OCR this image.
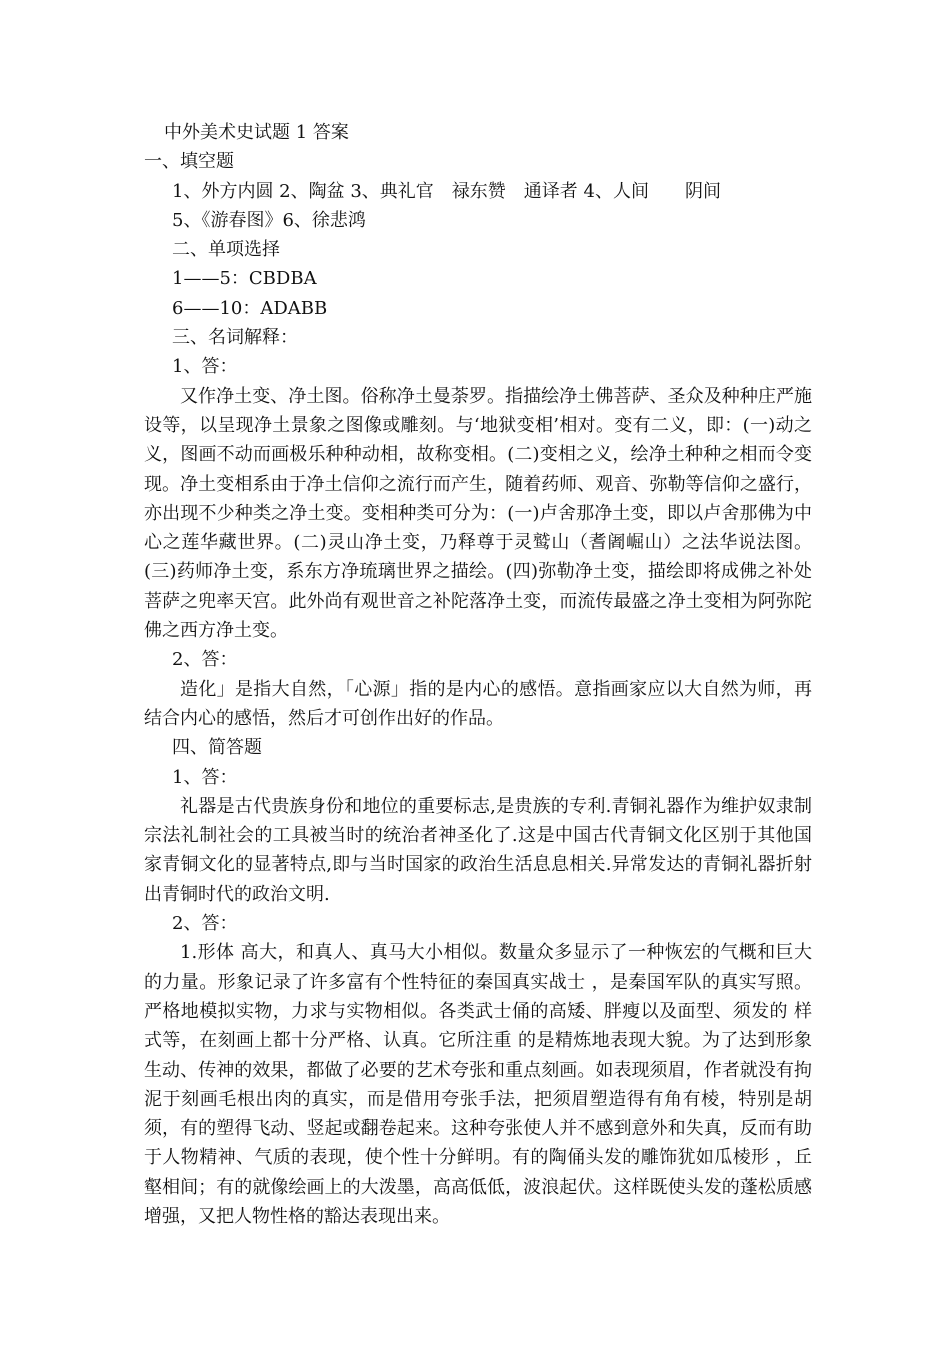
中外美术史试题 1 答案
一、填空题
1、外方内圆 2、陶盆 3、典礼官　禄东赞　通译者 4、人间　　阴间
5、《游春图》6、徐悲鸿
二、单项选择
1——5：CBDBA
6——10：ADABB
三、名词解释：
1、答：

又作净土变、净土图。俗称净土曼荼罗。指描绘净土佛菩萨、圣众及种种庄严施设等，以呈现净土景象之图像或雕刻。与‘地狱变相’相对。变有二义，即：(一)动之义，图画不动而画极乐种种动相，故称变相。(二)变相之义，绘净土种种之相而令变现。净土变相系由于净土信仰之流行而产生，随着药师、观音、弥勒等信仰之盛行，亦出现不少种类之净土变。变相种类可分为：(一)卢舍那净土变，即以卢舍那佛为中心之莲华藏世界。(二)灵山净土变，乃释尊于灵鹫山（耆阇崛山）之法华说法图。(三)药师净土变，系东方净琉璃世界之描绘。(四)弥勒净土变，描绘即将成佛之补处菩萨之兜率天宫。此外尚有观世音之补陀落净土变，而流传最盛之净土变相为阿弥陀佛之西方净土变。

2、答：

造化」是指大自然，「心源」指的是内心的感悟。意指画家应以大自然为师，再结合内心的感悟，然后才可创作出好的作品。

四、简答题
1、答：

礼器是古代贵族身份和地位的重要标志,是贵族的专利.青铜礼器作为维护奴隶制宗法礼制社会的工具被当时的统治者神圣化了.这是中国古代青铜文化区别于其他国家青铜文化的显著特点,即与当时国家的政治生活息息相关.异常发达的青铜礼器折射出青铜时代的政治文明.

2、答：

1.形体 高大，和真人、真马大小相似。数量众多显示了一种恢宏的气概和巨大的力量。形象记录了许多富有个性特征的秦国真实战士 ，是秦国军队的真实写照。严格地模拟实物，力求与实物相似。各类武士俑的高矮、胖瘦以及面型、须发的 样式等，在刻画上都十分严格、认真。它所注重 的是精炼地表现大貌。为了达到形象生动、传神的效果，都做了必要的艺术夸张和重点刻画。如表现须眉，作者就没有拘泥于刻画毛根出肉的真实，而是借用夸张手法，把须眉塑造得有角有棱，特别是胡须，有的塑得飞动、竖起或翻卷起来。这种夸张使人并不感到意外和失真，反而有助于人物精神、气质的表现，使个性十分鲜明。有的陶俑头发的雕饰犹如瓜棱形 ，丘壑相间；有的就像绘画上的大泼墨，高高低低，波浪起伏。这样既使头发的蓬松质感增强，又把人物性格的豁达表现出来。
